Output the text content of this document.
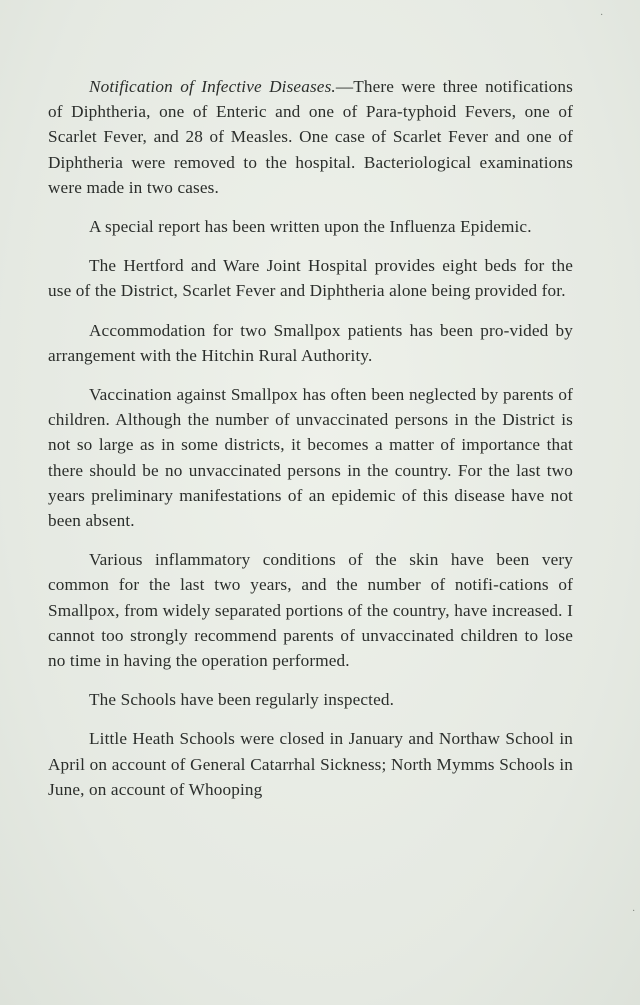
Notification of Infective Diseases.—There were three notifications of Diphtheria, one of Enteric and one of Para-typhoid Fevers, one of Scarlet Fever, and 28 of Measles. One case of Scarlet Fever and one of Diphtheria were removed to the hospital. Bacteriological examinations were made in two cases.

A special report has been written upon the Influenza Epidemic.

The Hertford and Ware Joint Hospital provides eight beds for the use of the District, Scarlet Fever and Diphtheria alone being provided for.

Accommodation for two Smallpox patients has been pro-vided by arrangement with the Hitchin Rural Authority.

Vaccination against Smallpox has often been neglected by parents of children. Although the number of unvaccinated persons in the District is not so large as in some districts, it becomes a matter of importance that there should be no unvaccinated persons in the country. For the last two years preliminary manifestations of an epidemic of this disease have not been absent.

Various inflammatory conditions of the skin have been very common for the last two years, and the number of notifi-cations of Smallpox, from widely separated portions of the country, have increased. I cannot too strongly recommend parents of unvaccinated children to lose no time in having the operation performed.

The Schools have been regularly inspected.

Little Heath Schools were closed in January and Northaw School in April on account of General Catarrhal Sickness; North Mymms Schools in June, on account of Whooping

·
·
